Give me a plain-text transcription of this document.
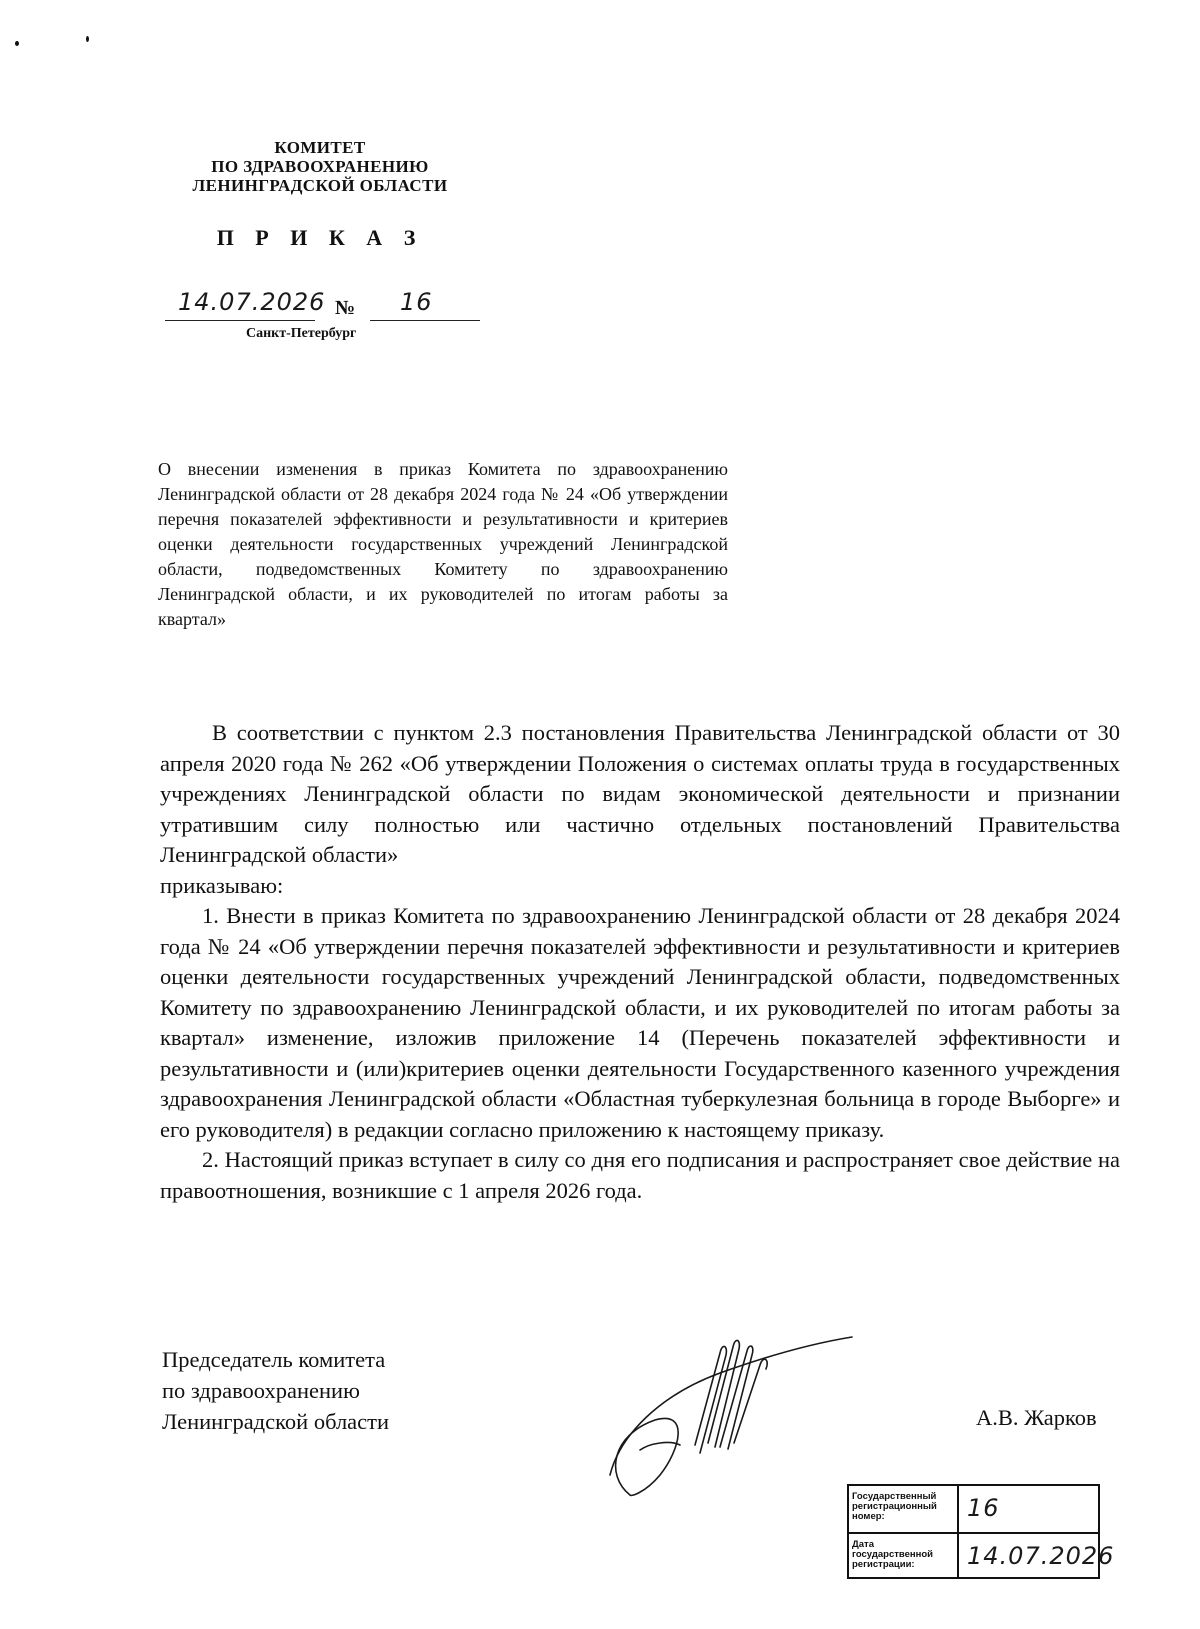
КОМИТЕТ
ПО ЗДРАВООХРАНЕНИЮ
ЛЕНИНГРАДСКОЙ ОБЛАСТИ
П Р И К А З
14.07.2026 № 16
Санкт-Петербург
О внесении изменения в приказ Комитета по здравоохранению Ленинградской области от 28 декабря 2024 года № 24 «Об утверждении перечня показателей эффективности и результативности и критериев оценки деятельности государственных учреждений Ленинградской области, подведомственных Комитету по здравоохранению Ленинградской области, и их руководителей по итогам работы за квартал»

В соответствии с пунктом 2.3 постановления Правительства Ленинградской области от 30 апреля 2020 года № 262 «Об утверждении Положения о системах оплаты труда в государственных учреждениях Ленинградской области по видам экономической деятельности и признании утратившим силу полностью или частично отдельных постановлений Правительства Ленинградской области»

приказываю:

1. Внести в приказ Комитета по здравоохранению Ленинградской области от 28 декабря 2024 года № 24 «Об утверждении перечня показателей эффективности и результативности и критериев оценки деятельности государственных учреждений Ленинградской области, подведомственных Комитету по здравоохранению Ленинградской области, и их руководителей по итогам работы за квартал» изменение, изложив приложение 14 (Перечень показателей эффективности и результативности и (или)критериев оценки деятельности Государственного казенного учреждения здравоохранения Ленинградской области «Областная туберкулезная больница в городе Выборге» и его руководителя) в редакции согласно приложению к настоящему приказу.

2. Настоящий приказ вступает в силу со дня его подписания и распространяет свое действие на правоотношения, возникшие с 1 апреля 2026 года.

Председатель комитета
по здравоохранению
Ленинградской области	А.В. Жарков
Государственный регистрационный номер:	16
Дата государственной регистрации:	14.07.2026
